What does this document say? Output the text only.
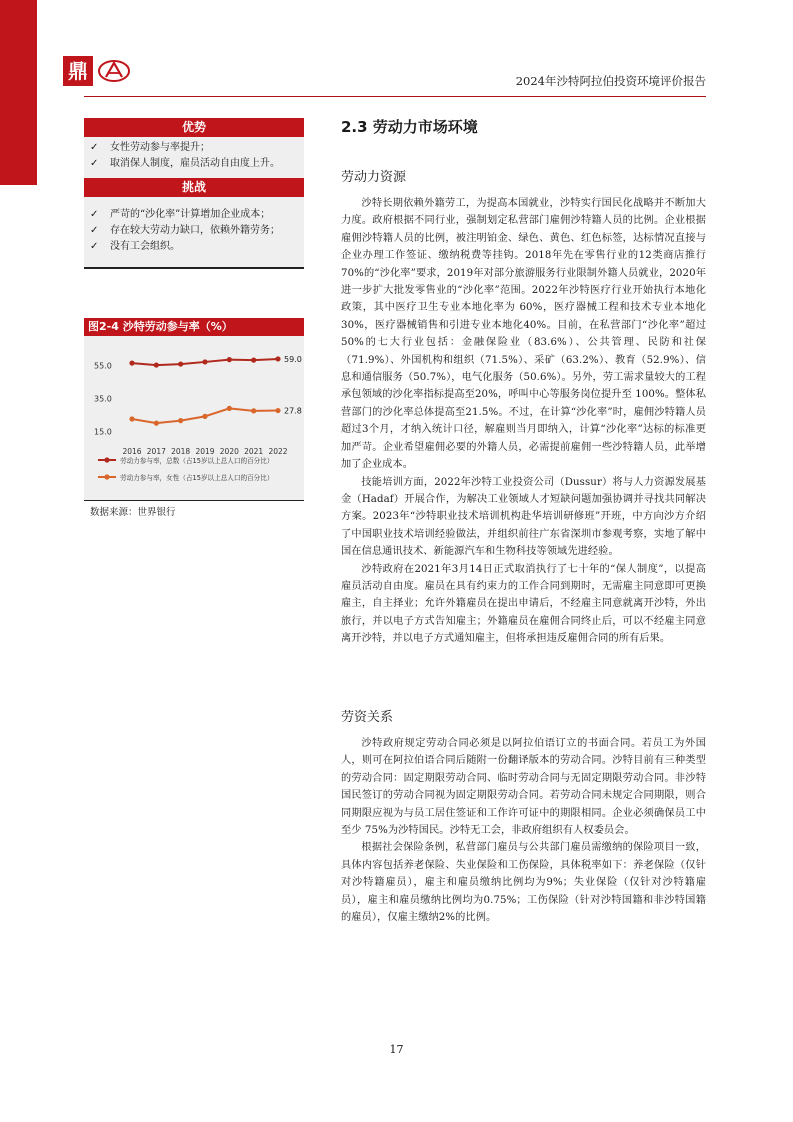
鼎	2024年沙特阿拉伯投资环境评价报告
优势
✓ 女性劳动参与率提升；
✓ 取消保人制度，雇员活动自由度上升。
挑战
✓ 严苛的“沙化率”计算增加企业成本；
✓ 存在较大劳动力缺口，依赖外籍劳务；
✓ 没有工会组织。
图2-4 沙特劳动参与率（%）
55.0
35.0
15.0
2016 2017 2018 2019 2020 2021 2022
59.0
劳动力参与率，总数（占15岁以上总人口的百分比）
27.8
劳动力参与率，女性（占15岁以上总人口的百分比）
数据来源：世界银行
2.3 劳动力市场环境
劳动力资源

沙特长期依赖外籍劳工，为提高本国就业，沙特实行国民化战略并不断加大力度。政府根据不同行业，强制划定私营部门雇佣沙特籍人员的比例。企业根据雇佣沙特籍人员的比例，被注明铂金、绿色、黄色、红色标签，达标情况直接与企业办理工作签证、缴纳税费等挂钩。2018年先在零售行业的12类商店推行70%的“沙化率”要求，2019年对部分旅游服务行业限制外籍人员就业，2020年进一步扩大批发零售业的“沙化率”范围。2022年沙特医疗行业开始执行本地化政策，其中医疗卫生专业本地化率为 60%，医疗器械工程和技术专业本地化30%，医疗器械销售和引进专业本地化40%。目前，在私营部门“沙化率”超过50%的七大行业包括：金融保险业（83.6%）、公共管理、民防和社保（71.9%）、外国机构和组织（71.5%）、采矿（63.2%）、教育（52.9%）、信息和通信服务（50.7%），电气化服务（50.6%）。另外，劳工需求量较大的工程承包领域的沙化率指标提高至20%，呼叫中心等服务岗位提升至 100%。整体私营部门的沙化率总体提高至21.5%。不过，在计算“沙化率”时，雇佣沙特籍人员超过3个月，才纳入统计口径，解雇则当月即纳入，计算“沙化率”达标的标准更加严苛。企业希望雇佣必要的外籍人员，必需提前雇佣一些沙特籍人员，此举增加了企业成本。

技能培训方面，2022年沙特工业投资公司（Dussur）将与人力资源发展基金（Hadaf）开展合作，为解决工业领域人才短缺问题加强协调并寻找共同解决方案。2023年“沙特职业技术培训机构赴华培训研修班”开班，中方向沙方介绍了中国职业技术培训经验做法，并组织前往广东省深圳市参观考察，实地了解中国在信息通讯技术、新能源汽车和生物科技等领域先进经验。

沙特政府在2021年3月14日正式取消执行了七十年的“保人制度”，以提高雇员活动自由度。雇员在具有约束力的工作合同到期时，无需雇主同意即可更换雇主，自主择业；允许外籍雇员在提出申请后，不经雇主同意就离开沙特，外出旅行，并以电子方式告知雇主；外籍雇员在雇佣合同终止后，可以不经雇主同意离开沙特，并以电子方式通知雇主，但将承担违反雇佣合同的所有后果。

劳资关系

沙特政府规定劳动合同必须是以阿拉伯语订立的书面合同。若员工为外国人，则可在阿拉伯语合同后随附一份翻译版本的劳动合同。沙特目前有三种类型的劳动合同：固定期限劳动合同、临时劳动合同与无固定期限劳动合同。非沙特国民签订的劳动合同视为固定期限劳动合同。若劳动合同未规定合同期限，则合同期限应视为与员工居住签证和工作许可证中的期限相同。企业必须确保员工中至少 75%为沙特国民。沙特无工会，非政府组织有人权委员会。

根据社会保险条例，私营部门雇员与公共部门雇员需缴纳的保险项目一致，具体内容包括养老保险、失业保险和工伤保险，具体税率如下：养老保险（仅针对沙特籍雇员），雇主和雇员缴纳比例均为9%；失业保险（仅针对沙特籍雇员），雇主和雇员缴纳比例均为0.75%；工伤保险（针对沙特国籍和非沙特国籍的雇员），仅雇主缴纳2%的比例。

17
